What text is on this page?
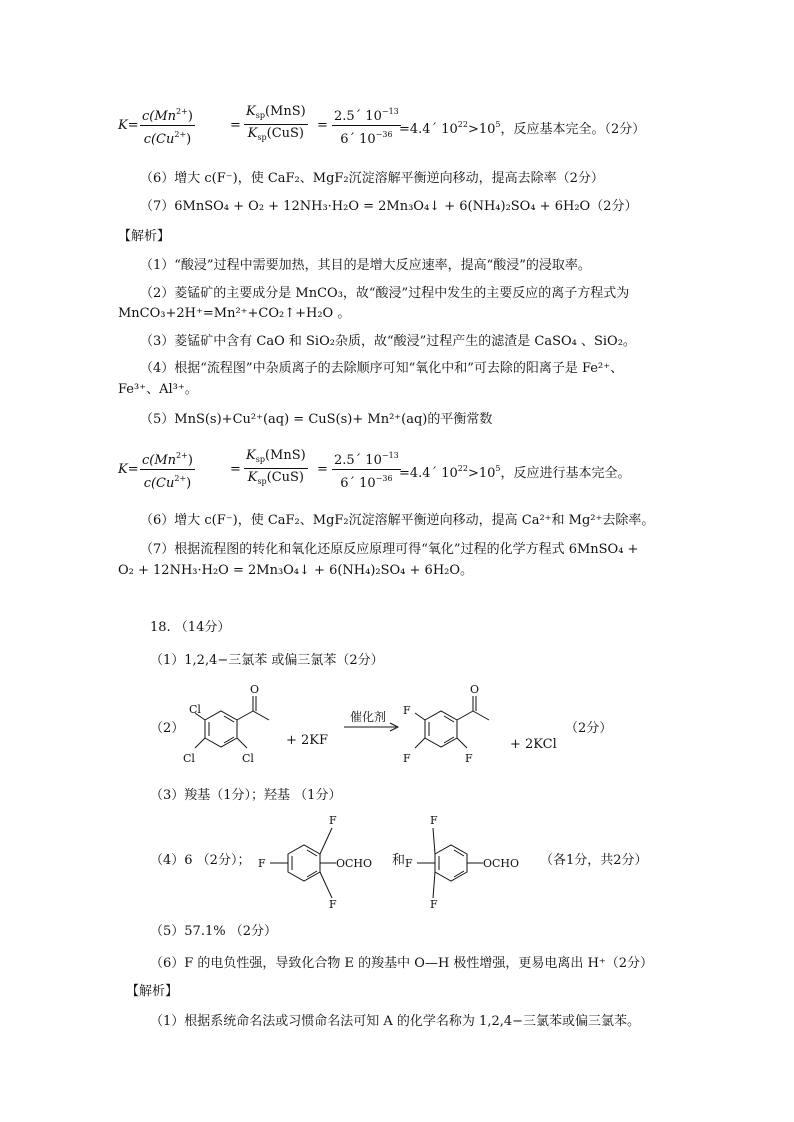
$K= \frac{c(Mn^{2+})}{c(Cu^{2+})}$	=
$K_{sp}(MnS)$
$K_{sp}(CuS)$
= $\frac{2.5´ 10^{-13}}{6´ 10^{-36}}$
=4.4´ $10^{22}>10^5$，反应基本完全。（2分）
（6）增大 c(F⁻)，使 CaF₂、MgF₂沉淀溶解平衡逆向移动，提高去除率（2分）
（7）6MnSO₄ + O₂ + 12NH₃·H₂O = 2Mn₃O₄↓ + 6(NH₄)₂SO₄ + 6H₂O（2分）
【解析】
（1）“酸浸”过程中需要加热，其目的是增大反应速率，提高“酸浸”的浸取率。
（2）菱锰矿的主要成分是 MnCO₃，故“酸浸”过程中发生的主要反应的离子方程式为
MnCO₃+2H⁺=Mn²⁺+CO₂↑+H₂O 。
（3）菱锰矿中含有 CaO 和 SiO₂杂质，故“酸浸”过程产生的滤渣是 CaSO₄ 、SiO₂。
（4）根据“流程图”中杂质离子的去除顺序可知“氧化中和”可去除的阳离子是 Fe²⁺、
Fe³⁺、Al³⁺。
（5）MnS(s)+Cu²⁺(aq) = CuS(s)+ Mn²⁺(aq)的平衡常数
$K= \frac{c(Mn^{2+})}{c(Cu^{2+})}$	=
$K_{sp}(MnS)$
$K_{sp}(CuS)$
= $\frac{2.5´ 10^{-13}}{6´ 10^{-36}}$
=4.4´ $10^{22}>10^5$，反应进行基本完全。
（6）增大 c(F⁻)，使 CaF₂、MgF₂沉淀溶解平衡逆向移动，提高 Ca²⁺和 Mg²⁺去除率。
（7）根据流程图的转化和氧化还原反应原理可得“氧化”过程的化学方程式 6MnSO₄ +
O₂ + 12NH₃·H₂O = 2Mn₃O₄↓ + 6(NH₄)₂SO₄ + 6H₂O。
18. （14分）
（1）1,2,4−三氯苯 或偏三氯苯（2分）
（2）
O
Cl
Cl	Cl
+ 2KF
催化剂
O
F
F	F
+ 2KCl
（2分）
（3）羧基（1分）；羟基 （1分）
（4）6 （2分）；
F
F
F
OCHO 和
F
F
F
OCHO （各1分，共2分）
（5）57.1% （2分）
（6）F 的电负性强，导致化合物 E 的羧基中 O—H 极性增强，更易电离出 H⁺（2分）
【解析】
（1）根据系统命名法或习惯命名法可知 A 的化学名称为 1,2,4−三氯苯或偏三氯苯。
